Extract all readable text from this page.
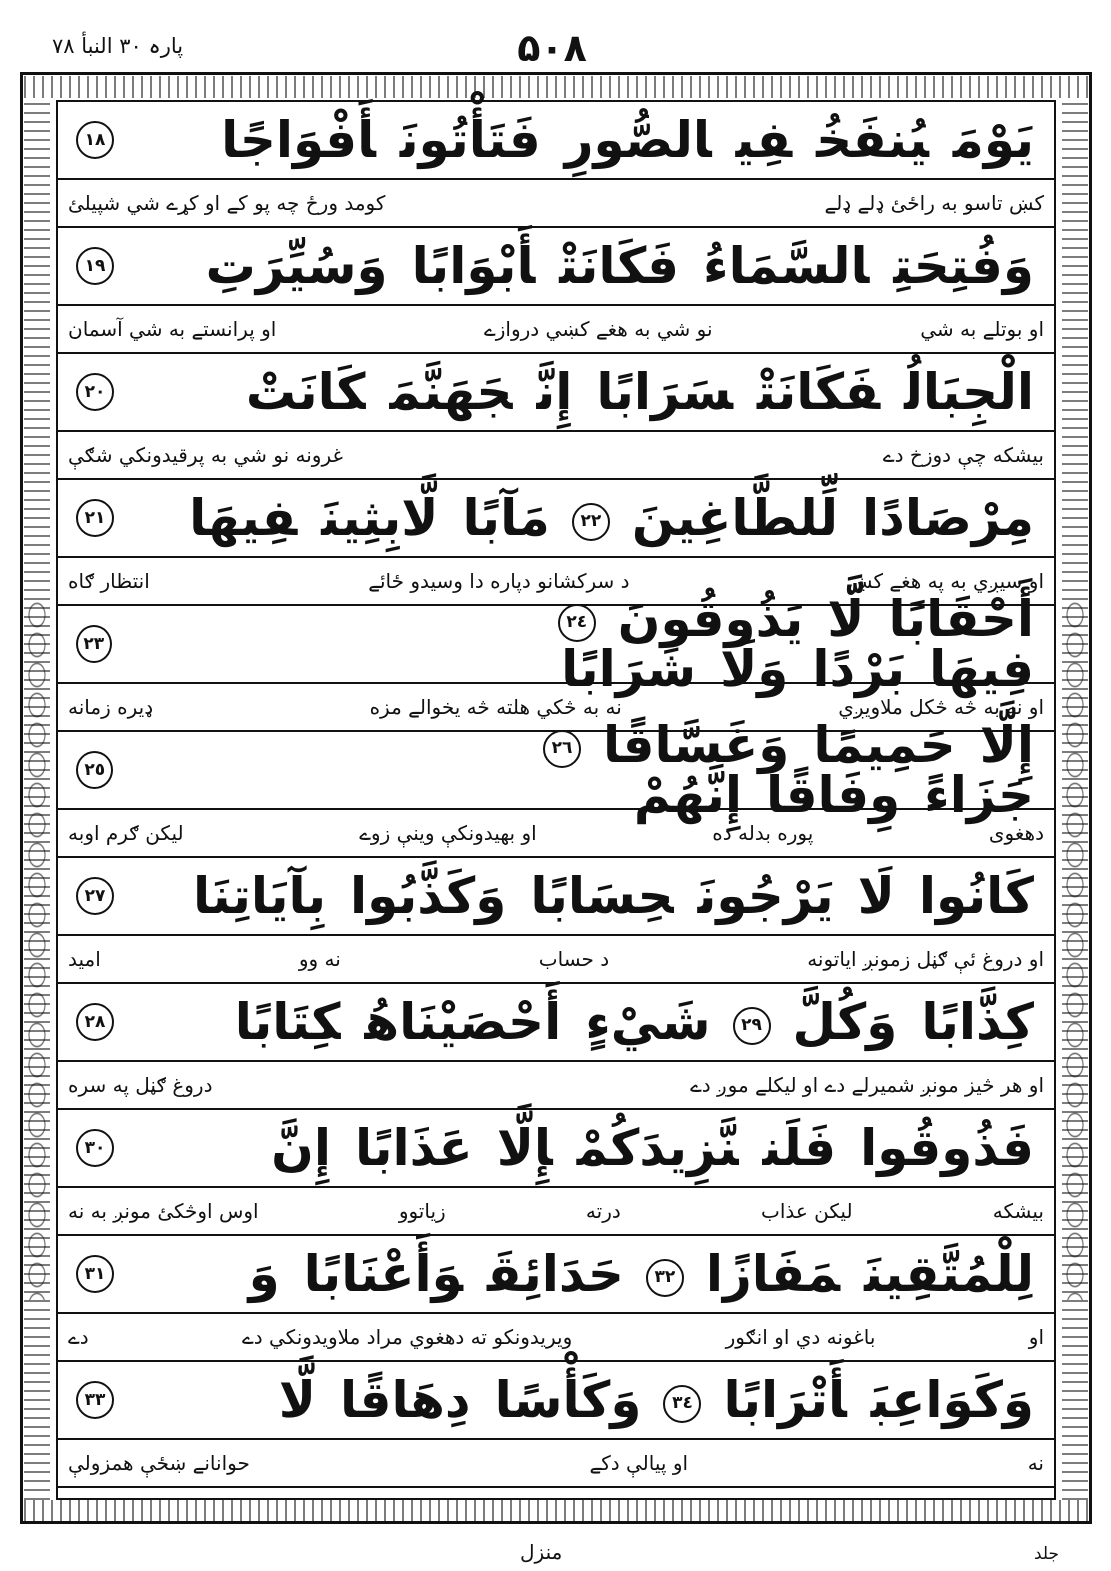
پارہ ۳۰ النبأ ۷۸	۵۰۸
١٨	يَوْمَيُنفَخُفِيالصُّورِفَتَأْتُونَأَفْوَاجًا
کومد ورځ چه پو کے او کړے شي شپیلئ	کښ تاسو به راځئ ډلے ډلے
١٩	وَفُتِحَتِالسَّمَاءُفَكَانَتْأَبْوَابًاوَسُيِّرَتِ
او پرانستے به شي آسمان	نو شي به هغے کښي دروازے	او بوتلے به شي
٢٠	الْجِبَالُفَكَانَتْسَرَابًاإِنَّجَهَنَّمَكَانَتْ
غرونه نو شي به پرقیدونکي شګې	بیشکه چې دوزخ دے
٢١	مِرْصَادًالِّلطَّاغِينَ٢٢مَآبًالَّابِثِينَفِيهَا
انتظار ګاه	د سرکشانو دپاره دا وسیدو ځائے	او سیږي به په هغے کښ
٢٣	أَحْقَابًالَّايَذُوقُونَ٢٤فِيهَابَرْدًاوَلَاشَرَابًا
ډیره زمانه	نه به څکي هلته څه یخوالے مزه	او نه به څه څکل ملاویږي
٢٥	إِلَّاحَمِيمًاوَغَسَّاقًا٢٦جَزَاءًوِفَاقًاإِنَّهُمْ
لیکن ګرم اوبه	او بهیدونکې وینې زوے	پوره بدله ده	دهغوی
٢٧	كَانُوالَايَرْجُونَحِسَابًاوَكَذَّبُوابِآيَاتِنَا
امید	نه وو	د حساب	او دروغ ئې ګڼل زمونږ ایاتونه
٢٨	كِذَّابًاوَكُلَّ٢٩شَيْءٍأَحْصَيْنَاهُكِتَابًا
دروغ ګڼل په سره	او هر څیز مونږ شمیرلے دے او لیکلے موږ دے
٣٠	فَذُوقُوافَلَننَّزِيدَكُمْإِلَّاعَذَابًاإِنَّ
اوس اوڅکئ مونږ به نه	زیاتوو	درته	لیکن عذاب	بیشکه
٣١	لِلْمُتَّقِينَمَفَازًا٣٢حَدَائِقَوَأَعْنَابًاوَ
دے	ویریدونکو ته دهغوي مراد ملاویدونکي دے	باغونه دي او انګور	او
٣٣	وَكَوَاعِبَأَتْرَابًا٣٤وَكَأْسًادِهَاقًالَّا
حوانانے ښځې همزولې	او پیالې دکے	نه
منزل	جلد
